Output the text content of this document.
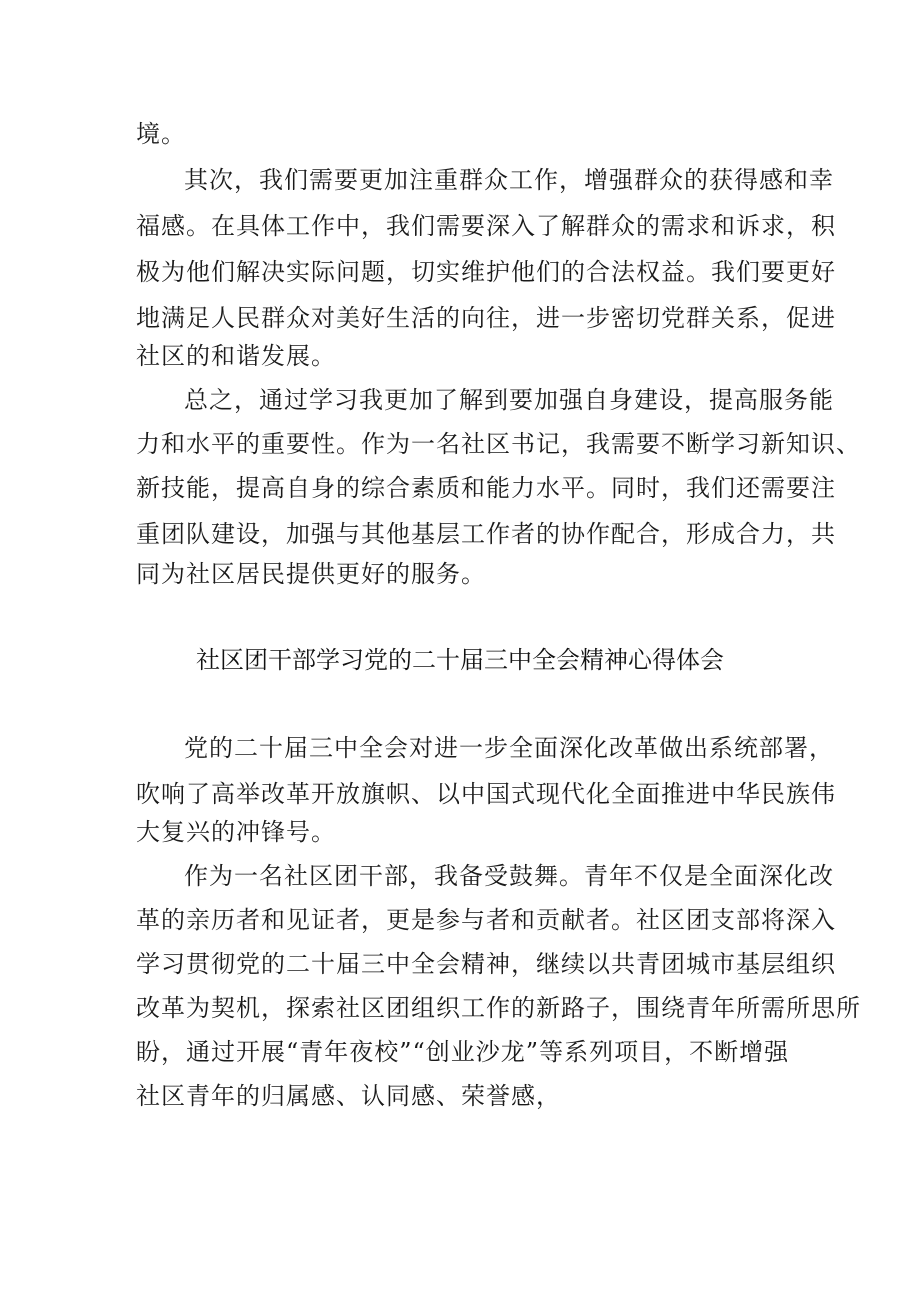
境。
其次，我们需要更加注重群众工作，增强群众的获得感和幸
福感。在具体工作中，我们需要深入了解群众的需求和诉求，积
极为他们解决实际问题，切实维护他们的合法权益。我们要更好
地满足人民群众对美好生活的向往，进一步密切党群关系，促进
社区的和谐发展。
总之，通过学习我更加了解到要加强自身建设，提高服务能
力和水平的重要性。作为一名社区书记，我需要不断学习新知识、
新技能，提高自身的综合素质和能力水平。同时，我们还需要注
重团队建设，加强与其他基层工作者的协作配合，形成合力，共
同为社区居民提供更好的服务。
社区团干部学习党的二十届三中全会精神心得体会
党的二十届三中全会对进一步全面深化改革做出系统部署，
吹响了高举改革开放旗帜、以中国式现代化全面推进中华民族伟
大复兴的冲锋号。
作为一名社区团干部，我备受鼓舞。青年不仅是全面深化改
革的亲历者和见证者，更是参与者和贡献者。社区团支部将深入
学习贯彻党的二十届三中全会精神，继续以共青团城市基层组织
改革为契机，探索社区团组织工作的新路子，围绕青年所需所思所
盼，通过开展“青年夜校”“创业沙龙”等系列项目，不断增强
社区青年的归属感、认同感、荣誉感，
